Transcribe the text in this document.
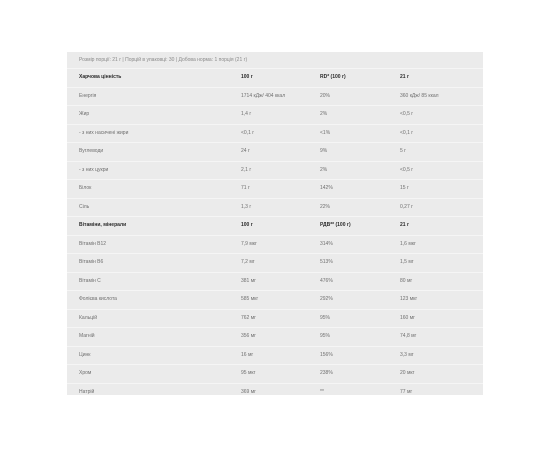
Розмір порції: 21 г | Порцій в упаковці: 30 | Добова норма: 1 порція (21 г)
Харчова цінність	100 г	RD* (100 г)	21 г
Енергія	1714 кДж/ 404 ккал	20%	360 кДж/ 85 ккал
Жир	1,4 г	2%	<0,5 г
- з них насичені жири	<0,1 г	<1%	<0,1 г
Вуглеводи	24 г	9%	5 г
- з них цукри	2,1 г	2%	<0,5 г
Білок	71 г	142%	15 г
Сіль	1,3 г	22%	0,27 г
Вітаміни, мінерали	100 г	РДВ** (100 г)	21 г
Вітамін В12	7,9 мкг	314%	1,6 мкг
Вітамін В6	7,2 мг	513%	1,5 мг
Вітамін С	381 мг	476%	80 мг
Фолієва кислота	585 мкг	292%	123 мкг
Кальцій	762 мг	95%	160 мг
Магній	356 мг	95%	74,8 мг
Цинк	16 мг	156%	3,3 мг
Хром	95 мкг	238%	20 мкг
Натрій	369 мг	**	77 мг
